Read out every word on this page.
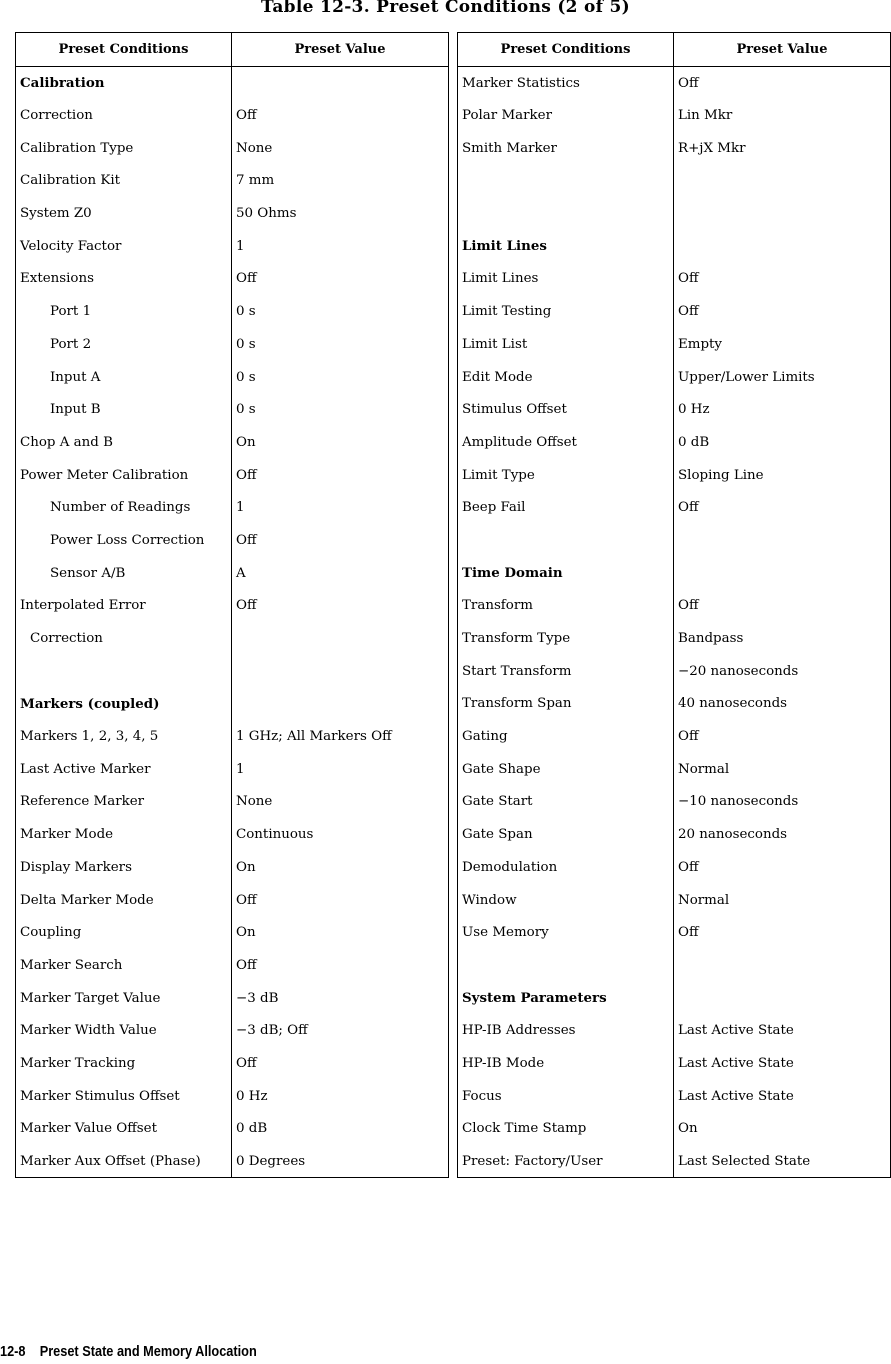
Table 12-3. Preset Conditions (2 of 5)
Preset Conditions	Preset Value
Calibration	
Correction	Off
Calibration Type	None
Calibration Kit	7 mm
System Z0	50 Ohms
Velocity Factor	1
Extensions	Off
Port 1	0 s
Port 2	0 s
Input A	0 s
Input B	0 s
Chop A and B	On
Power Meter Calibration	Off
Number of Readings	1
Power Loss Correction	Off
Sensor A/B	A
Interpolated Error	Off
Correction	

Markers (coupled)	
Markers 1, 2, 3, 4, 5	1 GHz; All Markers Off
Last Active Marker	1
Reference Marker	None
Marker Mode	Continuous
Display Markers	On
Delta Marker Mode	Off
Coupling	On
Marker Search	Off
Marker Target Value	−3 dB
Marker Width Value	−3 dB; Off
Marker Tracking	Off
Marker Stimulus Offset	0 Hz
Marker Value Offset	0 dB
Marker Aux Offset (Phase)	0 Degrees
Preset Conditions	Preset Value
Marker Statistics	Off
Polar Marker	Lin Mkr
Smith Marker	R+jX Mkr

Limit Lines	
Limit Lines	Off
Limit Testing	Off
Limit List	Empty
Edit Mode	Upper/Lower Limits
Stimulus Offset	0 Hz
Amplitude Offset	0 dB
Limit Type	Sloping Line
Beep Fail	Off

Time Domain	
Transform	Off
Transform Type	Bandpass
Start Transform	−20 nanoseconds
Transform Span	40 nanoseconds
Gating	Off
Gate Shape	Normal
Gate Start	−10 nanoseconds
Gate Span	20 nanoseconds
Demodulation	Off
Window	Normal
Use Memory	Off

System Parameters	
HP-IB Addresses	Last Active State
HP-IB Mode	Last Active State
Focus	Last Active State
Clock Time Stamp	On
Preset: Factory/User	Last Selected State
12-8 Preset State and Memory Allocation
